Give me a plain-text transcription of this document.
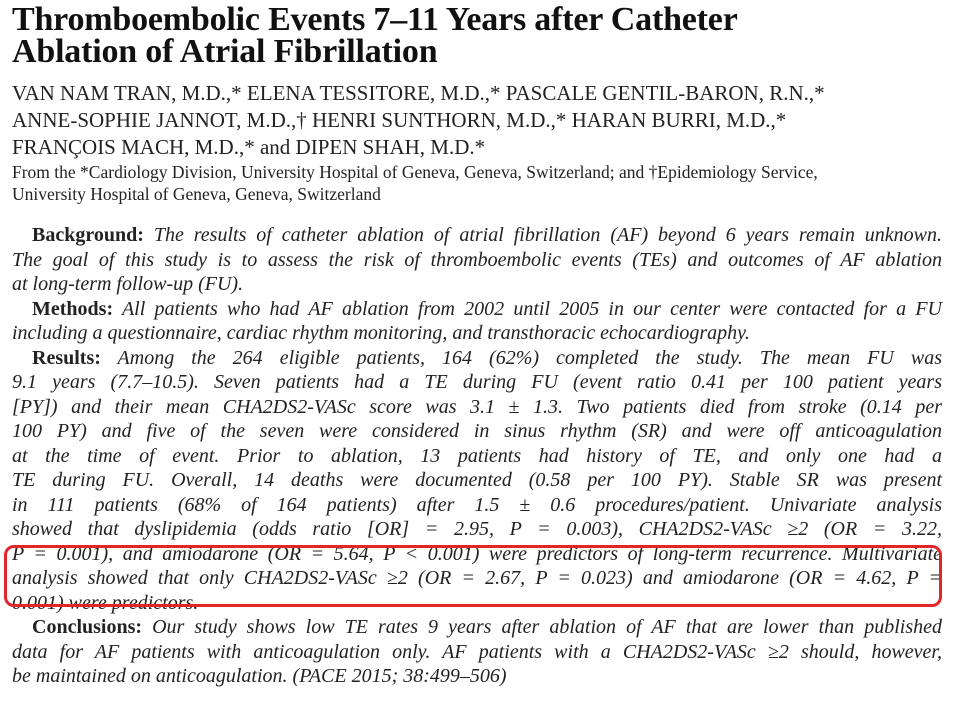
Thromboembolic Events 7–11 Years after Catheter
Ablation of Atrial Fibrillation
VAN NAM TRAN, M.D.,* ELENA TESSITORE, M.D.,* PASCALE GENTIL-BARON, R.N.,*
ANNE-SOPHIE JANNOT, M.D.,† HENRI SUNTHORN, M.D.,* HARAN BURRI, M.D.,*
FRANÇOIS MACH, M.D.,* and DIPEN SHAH, M.D.*
From the *Cardiology Division, University Hospital of Geneva, Geneva, Switzerland; and †Epidemiology Service,
University Hospital of Geneva, Geneva, Switzerland

Background: The results of catheter ablation of atrial fibrillation (AF) beyond 6 years remain unknown.
The goal of this study is to assess the risk of thromboembolic events (TEs) and outcomes of AF ablation
at long-term follow-up (FU).

Methods: All patients who had AF ablation from 2002 until 2005 in our center were contacted for a FU
including a questionnaire, cardiac rhythm monitoring, and transthoracic echocardiography.

Results: Among the 264 eligible patients, 164 (62%) completed the study. The mean FU was
9.1 years (7.7–10.5). Seven patients had a TE during FU (event ratio 0.41 per 100 patient years
[PY]) and their mean CHA2DS2-VASc score was 3.1 ± 1.3. Two patients died from stroke (0.14 per
100 PY) and five of the seven were considered in sinus rhythm (SR) and were off anticoagulation
at the time of event. Prior to ablation, 13 patients had history of TE, and only one had a
TE during FU. Overall, 14 deaths were documented (0.58 per 100 PY). Stable SR was present
in 111 patients (68% of 164 patients) after 1.5 ± 0.6 procedures/patient. Univariate analysis
showed that dyslipidemia (odds ratio [OR] = 2.95, P = 0.003), CHA2DS2-VASc ≥2 (OR = 3.22,
P = 0.001), and amiodarone (OR = 5.64, P < 0.001) were predictors of long-term recurrence. Multivariate
analysis showed that only CHA2DS2-VASc ≥2 (OR = 2.67, P = 0.023) and amiodarone (OR = 4.62, P =
0.001) were predictors.

Conclusions: Our study shows low TE rates 9 years after ablation of AF that are lower than published
data for AF patients with anticoagulation only. AF patients with a CHA2DS2-VASc ≥2 should, however,
be maintained on anticoagulation. (PACE 2015; 38:499–506)
